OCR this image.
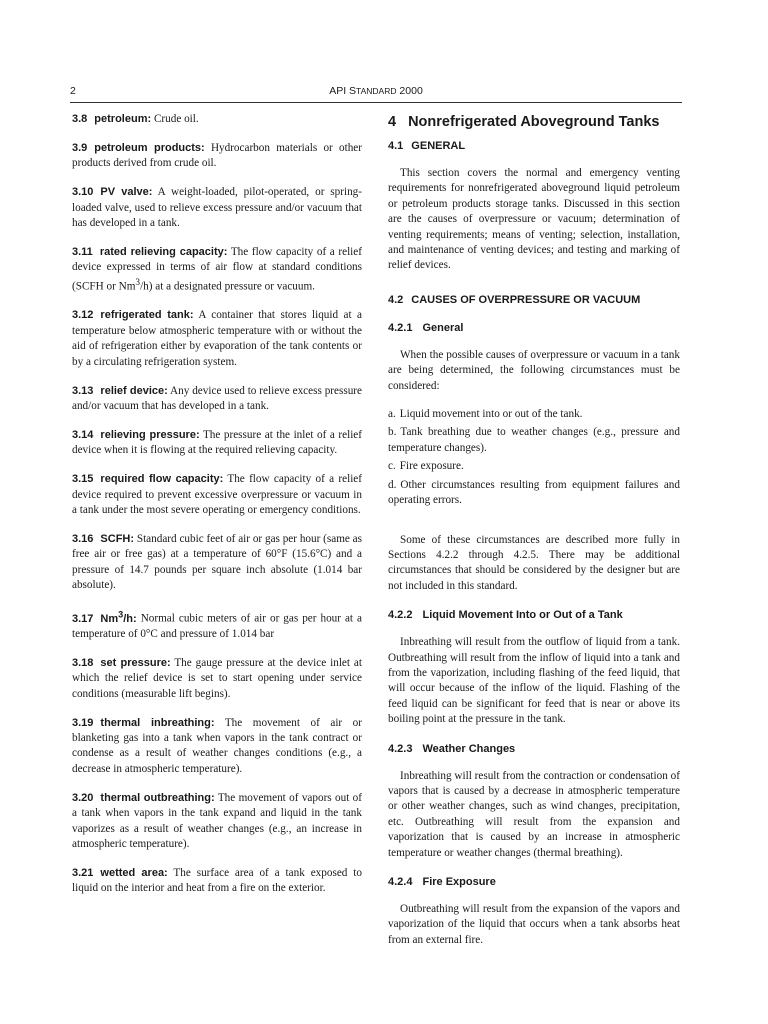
2	API STANDARD 2000

3.8 petroleum: Crude oil.

3.9 petroleum products: Hydrocarbon materials or other products derived from crude oil.

3.10 PV valve: A weight-loaded, pilot-operated, or spring-loaded valve, used to relieve excess pressure and/or vacuum that has developed in a tank.

3.11 rated relieving capacity: The flow capacity of a relief device expressed in terms of air flow at standard conditions (SCFH or Nm$^3$/h) at a designated pressure or vacuum.

3.12 refrigerated tank: A container that stores liquid at a temperature below atmospheric temperature with or without the aid of refrigeration either by evaporation of the tank contents or by a circulating refrigeration system.

3.13 relief device: Any device used to relieve excess pressure and/or vacuum that has developed in a tank.

3.14 relieving pressure: The pressure at the inlet of a relief device when it is flowing at the required relieving capacity.

3.15 required flow capacity: The flow capacity of a relief device required to prevent excessive overpressure or vacuum in a tank under the most severe operating or emergency conditions.

3.16 SCFH: Standard cubic feet of air or gas per hour (same as free air or free gas) at a temperature of 60°F (15.6°C) and a pressure of 14.7 pounds per square inch absolute (1.014 bar absolute).

3.17 Nm$^3$/h: Normal cubic meters of air or gas per hour at a temperature of 0°C and pressure of 1.014 bar

3.18 set pressure: The gauge pressure at the device inlet at which the relief device is set to start opening under service conditions (measurable lift begins).

3.19 thermal inbreathing: The movement of air or blanketing gas into a tank when vapors in the tank contract or condense as a result of weather changes conditions (e.g., a decrease in atmospheric temperature).

3.20 thermal outbreathing: The movement of vapors out of a tank when vapors in the tank expand and liquid in the tank vaporizes as a result of weather changes (e.g., an increase in atmospheric temperature).

3.21 wetted area: The surface area of a tank exposed to liquid on the interior and heat from a fire on the exterior.

4 Nonrefrigerated Aboveground Tanks
4.1 GENERAL

This section covers the normal and emergency venting requirements for nonrefrigerated aboveground liquid petroleum or petroleum products storage tanks. Discussed in this section are the causes of overpressure or vacuum; determination of venting requirements; means of venting; selection, installation, and maintenance of venting devices; and testing and marking of relief devices.

4.2 CAUSES OF OVERPRESSURE OR VACUUM
4.2.1 General

When the possible causes of overpressure or vacuum in a tank are being determined, the following circumstances must be considered:

a. Liquid movement into or out of the tank.
b. Tank breathing due to weather changes (e.g., pressure and temperature changes).
c. Fire exposure.
d. Other circumstances resulting from equipment failures and operating errors.

Some of these circumstances are described more fully in Sections 4.2.2 through 4.2.5. There may be additional circumstances that should be considered by the designer but are not included in this standard.

4.2.2 Liquid Movement Into or Out of a Tank

Inbreathing will result from the outflow of liquid from a tank. Outbreathing will result from the inflow of liquid into a tank and from the vaporization, including flashing of the feed liquid, that will occur because of the inflow of the liquid. Flashing of the feed liquid can be significant for feed that is near or above its boiling point at the pressure in the tank.

4.2.3 Weather Changes

Inbreathing will result from the contraction or condensation of vapors that is caused by a decrease in atmospheric temperature or other weather changes, such as wind changes, precipitation, etc. Outbreathing will result from the expansion and vaporization that is caused by an increase in atmospheric temperature or weather changes (thermal breathing).

4.2.4 Fire Exposure

Outbreathing will result from the expansion of the vapors and vaporization of the liquid that occurs when a tank absorbs heat from an external fire.
